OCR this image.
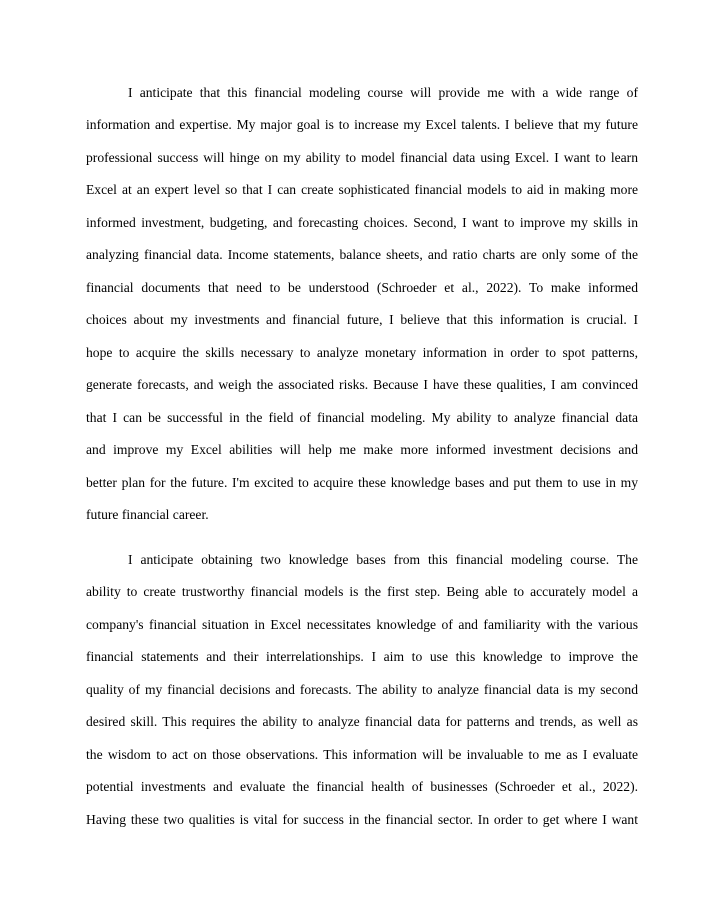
I anticipate that this financial modeling course will provide me with a wide range of

information and expertise. My major goal is to increase my Excel talents. I believe that my future

professional success will hinge on my ability to model financial data using Excel. I want to learn

Excel at an expert level so that I can create sophisticated financial models to aid in making more

informed investment, budgeting, and forecasting choices. Second, I want to improve my skills in

analyzing financial data. Income statements, balance sheets, and ratio charts are only some of the

financial documents that need to be understood (Schroeder et al., 2022). To make informed

choices about my investments and financial future, I believe that this information is crucial. I

hope to acquire the skills necessary to analyze monetary information in order to spot patterns,

generate forecasts, and weigh the associated risks. Because I have these qualities, I am convinced

that I can be successful in the field of financial modeling. My ability to analyze financial data

and improve my Excel abilities will help me make more informed investment decisions and

better plan for the future. I'm excited to acquire these knowledge bases and put them to use in my

future financial career.

I anticipate obtaining two knowledge bases from this financial modeling course. The

ability to create trustworthy financial models is the first step. Being able to accurately model a

company's financial situation in Excel necessitates knowledge of and familiarity with the various

financial statements and their interrelationships. I aim to use this knowledge to improve the

quality of my financial decisions and forecasts. The ability to analyze financial data is my second

desired skill. This requires the ability to analyze financial data for patterns and trends, as well as

the wisdom to act on those observations. This information will be invaluable to me as I evaluate

potential investments and evaluate the financial health of businesses (Schroeder et al., 2022).

Having these two qualities is vital for success in the financial sector. In order to get where I want
